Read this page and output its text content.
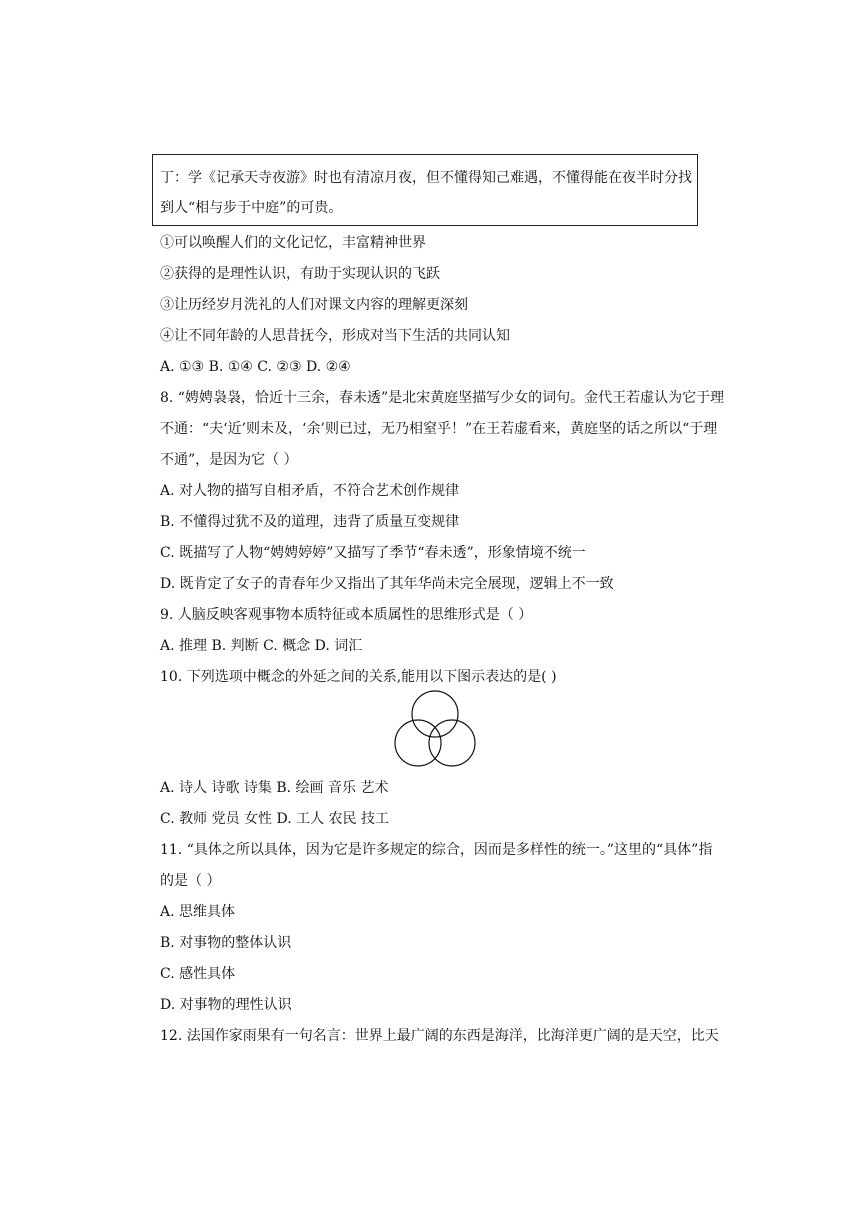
丁：学《记承天寺夜游》时也有清凉月夜，但不懂得知己难遇，不懂得能在夜半时分找
到人“相与步于中庭”的可贵。
①可以唤醒人们的文化记忆，丰富精神世界
②获得的是理性认识，有助于实现认识的飞跃
③让历经岁月洗礼的人们对课文内容的理解更深刻
④让不同年龄的人思昔抚今，形成对当下生活的共同认知
A. ①③ B. ①④ C. ②③ D. ②④
8. “娉娉袅袅，恰近十三余，春未透”是北宋黄庭坚描写少女的词句。金代王若虚认为它于理
不通：“夫‘近’则未及，‘余’则已过，无乃相窒乎！”在王若虚看来，黄庭坚的话之所以“于理
不通”，是因为它（ ）
A. 对人物的描写自相矛盾，不符合艺术创作规律
B. 不懂得过犹不及的道理，违背了质量互变规律
C. 既描写了人物“娉娉婷婷”又描写了季节“春未透”，形象情境不统一
D. 既肯定了女子的青春年少又指出了其年华尚未完全展现，逻辑上不一致
9. 人脑反映客观事物本质特征或本质属性的思维形式是（ ）
A. 推理 B. 判断 C. 概念 D. 词汇
10. 下列选项中概念的外延之间的关系,能用以下图示表达的是( )
A. 诗人 诗歌 诗集 B. 绘画 音乐 艺术
C. 教师 党员 女性 D. 工人 农民 技工
11. “具体之所以具体，因为它是许多规定的综合，因而是多样性的统一。”这里的“具体”指
的是（ ）
A. 思维具体
B. 对事物的整体认识
C. 感性具体
D. 对事物的理性认识
12. 法国作家雨果有一句名言：世界上最广阔的东西是海洋，比海洋更广阔的是天空，比天
